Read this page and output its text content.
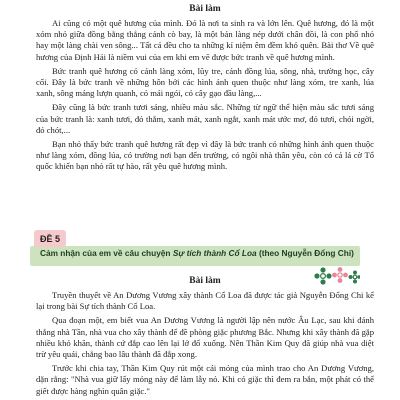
Bài làm

Ai cũng có một quê hương của mình. Đó là nơi ta sinh ra và lớn lên. Quê hương, đó là một xóm nhỏ giữa đồng bằng thẳng cánh cò bay, là một bản làng nép dưới chân đồi, là con phố nhỏ hay một làng chài ven sông... Tất cả đều cho ta những kỉ niệm êm đềm khó quên. Bài thơ Về quê hương của Định Hải là niềm vui của em khi em vẽ được bức tranh về quê hương mình.

Bức tranh quê hương có cánh làng xóm, lũy tre, cánh đồng lúa, sông, nhà, trường học, cây cối. Đây là bức tranh về những hôn bởi các hình ảnh quen thuộc như làng xóm, tre xanh, lúa xanh, sông máng lượn quanh, cỏ mái ngói, có cây gạo đầu làng,...

Đây cũng là bức tranh tươi sáng, nhiều màu sắc. Những từ ngữ thể hiện màu sắc tươi sáng của bức tranh là: xanh tươi, đỏ thắm, xanh mát, xanh ngắt, xanh mát ước mơ, đỏ tươi, chói ngời, đỏ chót,...

Bạn nhỏ thấy bức tranh quê hương rất đẹp vì đây là bức tranh có những hình ảnh quen thuộc như làng xóm, đồng lúa, có trường nơi bạn đến trường, có ngôi nhà thân yêu, còn có cả lá cờ Tổ quốc khiến bạn nhỏ rất tự hào, rất yêu quê hương mình.

ĐỀ 5
Cảm nhận của em về câu chuyện Sự tích thành Cổ Loa (theo Nguyễn Đổng Chi)

Bài làm

Truyền thuyết về An Dương Vương xây thành Cổ Loa đã được tác giả Nguyễn Đổng Chi kể lại trong bài Sự tích thành Cổ Loa.

Qua đoạn một, em biết vua An Dương Vương là người lập nên nước Âu Lạc, sau khi đánh thắng nhà Tần, nhà vua cho xây thành để đề phòng giặc phương Bắc. Nhưng khi xây thành đã gặp nhiều khó khăn, thành cứ đắp cao lên lại lở đổ xuống. Nên Thần Kim Quy đã giúp nhà vua diệt trừ yêu quái, chẳng bao lâu thành đã đắp xong.

Trước khi chia tay, Thần Kim Quy rút một cái móng của mình trao cho An Dương Vương, dặn rằng: "Nhà vua giữ lấy móng này để làm lẫy nỏ. Khi có giặc thì đem ra bắn, một phát có thể giết được hàng nghìn quân giặc."
